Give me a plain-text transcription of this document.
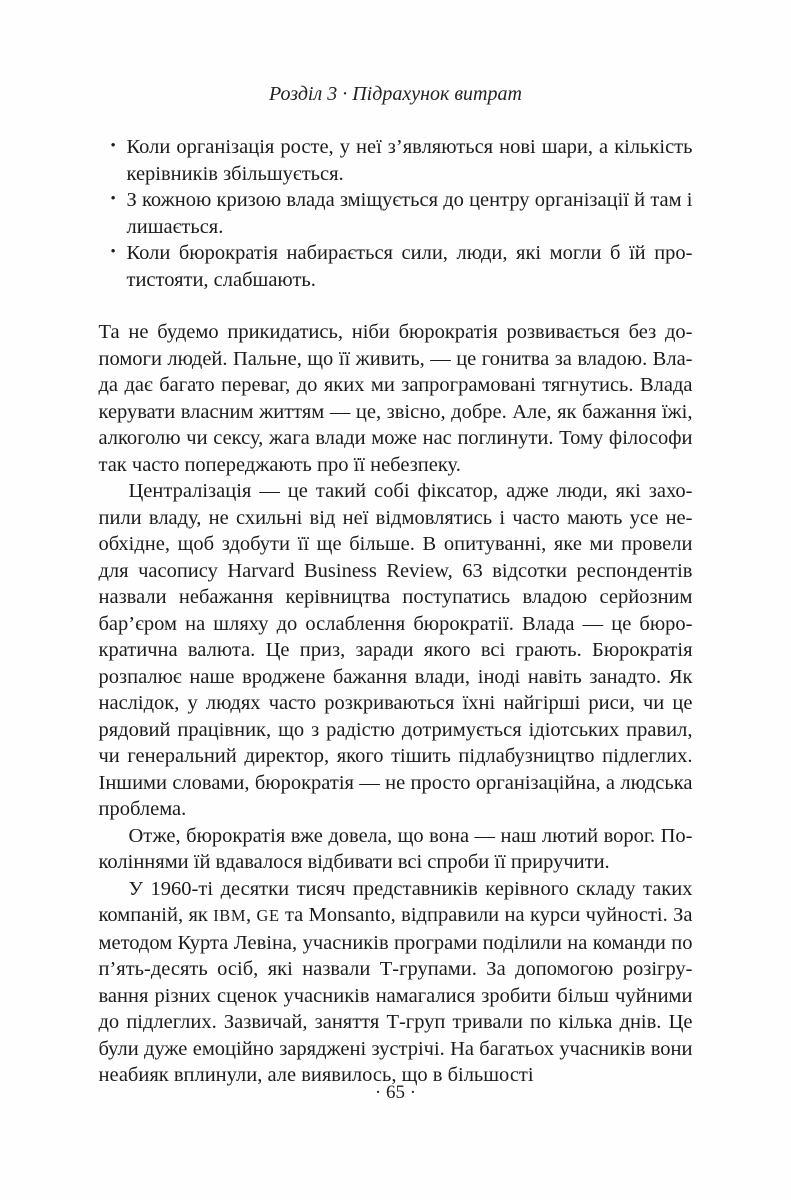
Розділ 3 · Підрахунок витрат
• Коли організація росте, у неї з’являються нові шари, а кількість керівників збільшується.
• З кожною кризою влада зміщується до центру організації й там і лишається.
• Коли бюрократія набирається сили, люди, які могли б їй протистояти, слабшають.

Та не будемо прикидатись, ніби бюрократія розвивається без допомоги людей. Пальне, що її живить, — це гонитва за владою. Влада дає багато переваг, до яких ми запрограмовані тягнутись. Влада керувати власним життям — це, звісно, добре. Але, як бажання їжі, алкоголю чи сексу, жага влади може нас поглинути. Тому філософи так часто попереджають про її небезпеку.

Централізація — це такий собі фіксатор, адже люди, які захопили владу, не схильні від неї відмовлятись і часто мають усе необхідне, щоб здобути її ще більше. В опитуванні, яке ми провели для часопису Harvard Business Review, 63 відсотки респондентів назвали небажання керівництва поступатись владою серйозним бар’єром на шляху до ослаблення бюрократії. Влада — це бюрократична валюта. Це приз, заради якого всі грають. Бюрократія розпалює наше вроджене бажання влади, іноді навіть занадто. Як наслідок, у людях часто розкриваються їхні найгірші риси, чи це рядовий працівник, що з радістю дотримується ідіотських правил, чи генеральний директор, якого тішить підлабузництво підлеглих. Іншими словами, бюрократія — не просто організаційна, а людська проблема.

Отже, бюрократія вже довела, що вона — наш лютий ворог. Поколіннями їй вдавалося відбивати всі спроби її приручити.

У 1960-ті десятки тисяч представників керівного складу таких компаній, як IBM, GE та Monsanto, відправили на курси чуйності. За методом Курта Левіна, учасників програми поділили на команди по п’ять-десять осіб, які назвали Т-групами. За допомогою розігрування різних сценок учасників намагалися зробити більш чуйними до підлеглих. Зазвичай, заняття Т-груп тривали по кілька днів. Це були дуже емоційно заряджені зустрічі. На багатьох учасників вони неабияк вплинули, але виявилось, що в більшості

· 65 ·
